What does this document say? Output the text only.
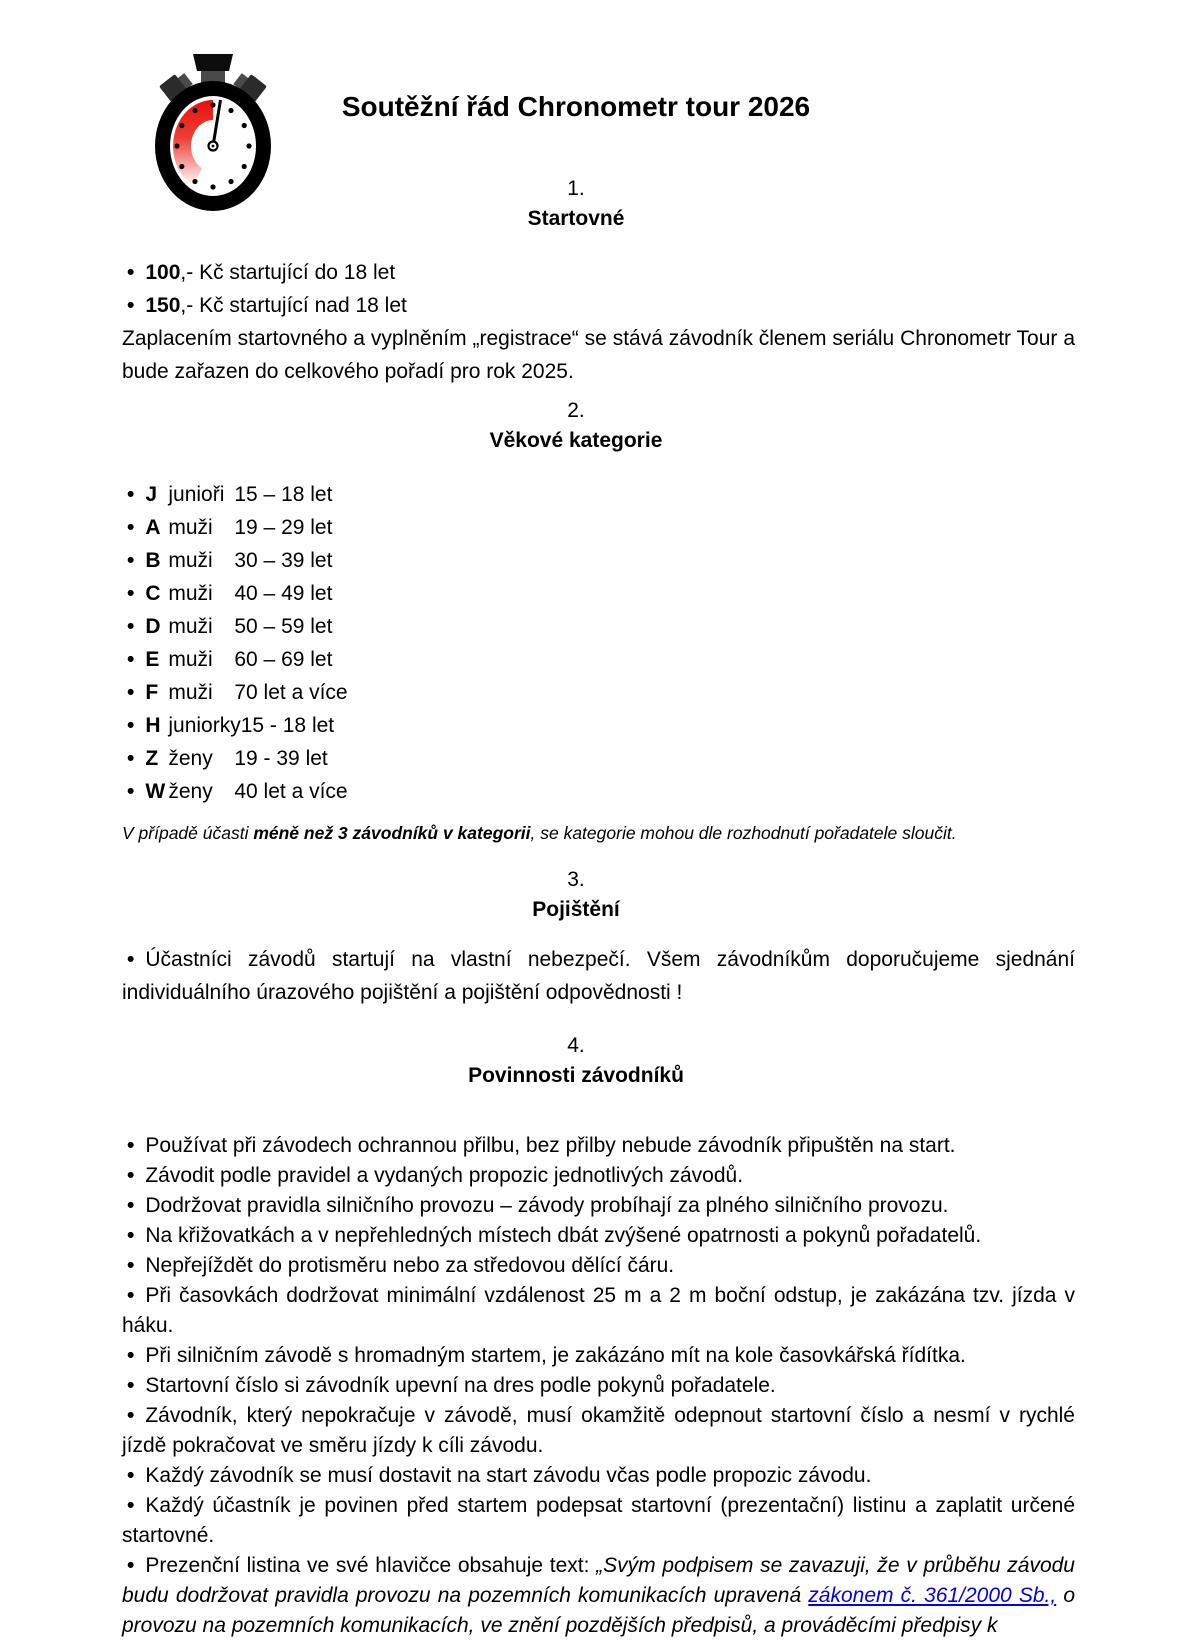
Soutěžní řád Chronometr tour 2026
1.
Startovné
• 100,- Kč startující do 18 let
• 150,- Kč startující nad 18 let

Zaplacením startovného a vyplněním „registrace“ se stává závodník členem seriálu Chronometr Tour a bude zařazen do celkového pořadí pro rok 2025.

2.
Věkové kategorie
• J junioři 15 – 18 let
• A muži 19 – 29 let
• B muži 30 – 39 let
• C muži 40 – 49 let
• D muži 50 – 59 let
• E muži 60 – 69 let
• F muži 70 let a více
• H juniorky15 - 18 let
• Z ženy 19 - 39 let
• W ženy 40 let a více

V případě účasti méně než 3 závodníků v kategorii, se kategorie mohou dle rozhodnutí pořadatele sloučit.

3.
Pojištění
• Účastníci závodů startují na vlastní nebezpečí. Všem závodníkům doporučujeme sjednání individuálního úrazového pojištění a pojištění odpovědnosti !
4.
Povinnosti závodníků
• Používat při závodech ochrannou přilbu, bez přilby nebude závodník připuštěn na start.
• Závodit podle pravidel a vydaných propozic jednotlivých závodů.
• Dodržovat pravidla silničního provozu – závody probíhají za plného silničního provozu.
• Na křižovatkách a v nepřehledných místech dbát zvýšené opatrnosti a pokynů pořadatelů.
• Nepřejíždět do protisměru nebo za středovou dělící čáru.
• Při časovkách dodržovat minimální vzdálenost 25 m a 2 m boční odstup, je zakázána tzv. jízda v háku.
• Při silničním závodě s hromadným startem, je zakázáno mít na kole časovkářská řídítka.
• Startovní číslo si závodník upevní na dres podle pokynů pořadatele.
• Závodník, který nepokračuje v závodě, musí okamžitě odepnout startovní číslo a nesmí v rychlé jízdě pokračovat ve směru jízdy k cíli závodu.
• Každý závodník se musí dostavit na start závodu včas podle propozic závodu.
• Každý účastník je povinen před startem podepsat startovní (prezentační) listinu a zaplatit určené startovné.
• Prezenční listina ve své hlavičce obsahuje text: „Svým podpisem se zavazuji, že v průběhu závodu budu dodržovat pravidla provozu na pozemních komunikacích upravená zákonem č. 361/2000 Sb., o provozu na pozemních komunikacích, ve znění pozdějších předpisů, a prováděcími předpisy k
